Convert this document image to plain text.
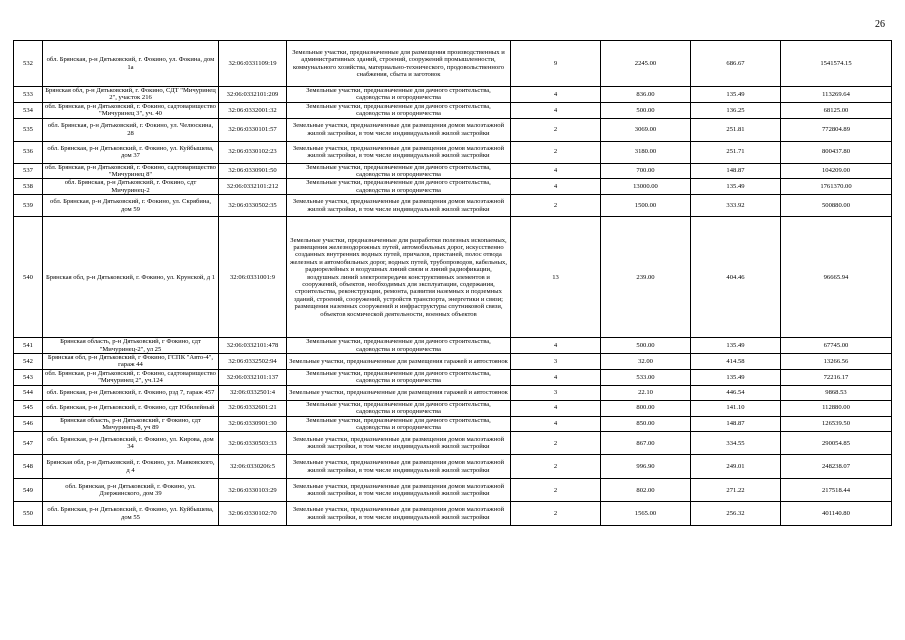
26
532	обл. Брянская, р-н Дятьковский, г. Фокино, ул. Фокина, дом 1а	32:06:0331109:19	Земельные участки, предназначенные для размещения производственных и административных зданий, строений, сооружений промышленности, коммунального хозяйства, материально-технического, продовольственного снабжения, сбыта и заготовок	9	2245.00	686.67	1541574.15
533	Брянская обл, р-н Дятьковский, г. Фокино, СДТ "Мичуринец 2", участок 216	32:06:0332101:209	Земельные участки, предназначенные для дачного строительства, садоводства и огородничества	4	836.00	135.49	113269.64
534	обл. Брянская, р-н Дятьковский, г. Фокино, садтоварищество "Мичуринец 3", уч. 40	32:06:0332001:32	Земельные участки, предназначенные для дачного строительства, садоводства и огородничества	4	500.00	136.25	68125.00
535	обл. Брянская, р-н Дятьковский, г. Фокино, ул. Челюскина, 28	32:06:0330101:57	Земельные участки, предназначенные для размещения домов малоэтажной жилой застройки, в том числе индивидуальной жилой застройки	2	3069.00	251.81	772804.89
536	обл. Брянская, р-н Дятьковский, г. Фокино, ул. Куйбышева, дом 37	32:06:0330102:23	Земельные участки, предназначенные для размещения домов малоэтажной жилой застройки, в том числе индивидуальной жилой застройки	2	3180.00	251.71	800437.80
537	обл. Брянская, р-н Дятьковский, г. Фокино, садтоварищество "Мичуринец 8"	32:06:0330901:50	Земельные участки, предназначенные для дачного строительства, садоводства и огородничества	4	700.00	148.87	104209.00
538	обл. Брянская, р-н Дятьковский, г. Фокино, сдт Мичуринец-2	32:06:0332101:212	Земельные участки, предназначенные для дачного строительства, садоводства и огородничества	4	13000.00	135.49	1761370.00
539	обл. Брянская, р-н Дятьковский, г. Фокино, ул. Скрябина, дом 59	32:06:0330502:35	Земельные участки, предназначенные для размещения домов малоэтажной жилой застройки, в том числе индивидуальной жилой застройки	2	1500.00	333.92	500880.00
540	Брянская обл, р-н Дятьковский, г. Фокино, ул. Крунской, д 1	32:06:0331001:9	Земельные участки, предназначенные для разработки полезных ископаемых, размещения железнодорожных путей, автомобильных дорог, искусственно созданных внутренних водных путей, причалов, пристаней, полос отвода железных и автомобильных дорог, водных путей, трубопроводов, кабельных, радиорелейных и воздушных линий связи и линий радиофикации, воздушных линий электропередачи конструктивных элементов и сооружений, объектов, необходимых для эксплуатации, содержания, строительства, реконструкции, ремонта, развития наземных и подземных зданий, строений, сооружений, устройств транспорта, энергетики и связи; размещения наземных сооружений и инфраструктуры спутниковой связи, объектов космической деятельности, военных объектов	13	239.00	404.46	96665.94
541	Брянская область, р-н Дятьковский, г Фокино, сдт "Мичуринец-2", ул 25	32:06:0332101:478	Земельные участки, предназначенные для дачного строительства, садоводства и огородничества	4	500.00	135.49	67745.00
542	Брянская обл, р-н Дятьковский, г Фокино, ГСПК "Авто-4", гараж 44	32:06:0332502:94	Земельные участки, предназначенные для размещения гаражей и автостоянок	3	32.00	414.58	13266.56
543	обл. Брянская, р-н Дятьковский, г. Фокино, садтоварищество "Мичуринец 2", уч.124	32:06:0332101:137	Земельные участки, предназначенные для дачного строительства, садоводства и огородничества	4	533.00	135.49	72216.17
544	обл. Брянская, р-н Дятьковский, г. Фокино, рзд 7, гараж 457	32:06:0332501:4	Земельные участки, предназначенные для размещения гаражей и автостоянок	3	22.10	446.54	9868.53
545	обл. Брянская, р-н Дятьковский, г. Фокино, сдт Юбилейный	32:06:0332601:21	Земельные участки, предназначенные для дачного строительства, садоводства и огородничества	4	800.00	141.10	112880.00
546	Брянская область, р-н Дятьковский, г Фокино, сдт Мичуринец-8, уч 89	32:06:0330901:30	Земельные участки, предназначенные для дачного строительства, садоводства и огородничества	4	850.00	148.87	126539.50
547	обл. Брянская, р-н Дятьковский, г. Фокино, ул. Кирова, дом 34	32:06:0330503:33	Земельные участки, предназначенные для размещения домов малоэтажной жилой застройки, в том числе индивидуальной жилой застройки	2	867.00	334.55	290054.85
548	Брянская обл, р-н Дятьковский, г. Фокино, ул. Маяковского, д 4	32:06:0330206:5	Земельные участки, предназначенные для размещения домов малоэтажной жилой застройки, в том числе индивидуальной жилой застройки	2	996.90	249.01	248238.07
549	обл. Брянская, р-н Дятьковский, г. Фокино, ул. Дзержинского, дом 39	32:06:0330103:29	Земельные участки, предназначенные для размещения домов малоэтажной жилой застройки, в том числе индивидуальной жилой застройки	2	802.00	271.22	217518.44
550	обл. Брянская, р-н Дятьковский, г. Фокино, ул. Куйбышева, дом 55	32:06:0330102:70	Земельные участки, предназначенные для размещения домов малоэтажной жилой застройки, в том числе индивидуальной жилой застройки	2	1565.00	256.32	401140.80
